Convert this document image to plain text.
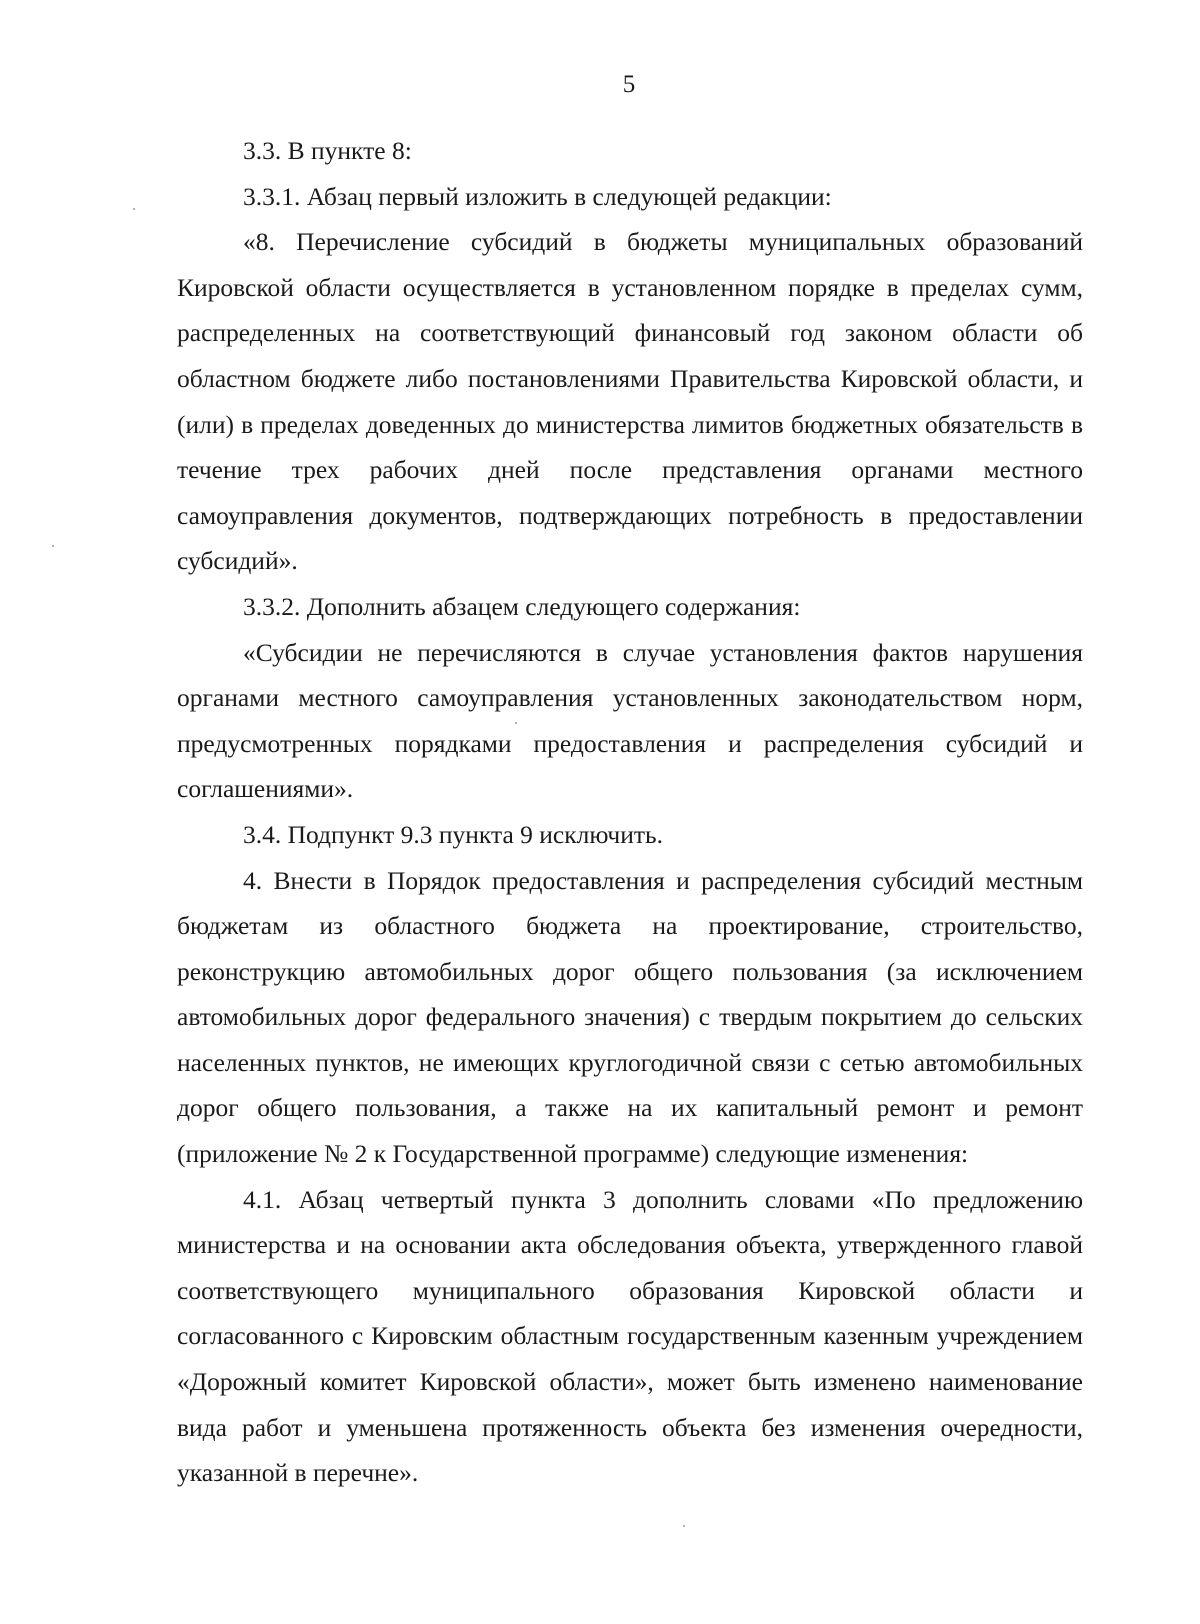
5

3.3. В пункте 8:

3.3.1. Абзац первый изложить в следующей редакции:

«8. Перечисление субсидий в бюджеты муниципальных образований Кировской области осуществляется в установленном порядке в пределах сумм, распределенных на соответствующий финансовый год законом области об областном бюджете либо постановлениями Правительства Кировской области, и (или) в пределах доведенных до министерства лимитов бюджетных обязательств в течение трех рабочих дней после представления органами местного самоуправления документов, подтверждающих потребность в предоставлении субсидий».

3.3.2. Дополнить абзацем следующего содержания:

«Субсидии не перечисляются в случае установления фактов нарушения органами местного самоуправления установленных законодательством норм, предусмотренных порядками предоставления и распределения субсидий и соглашениями».

3.4. Подпункт 9.3 пункта 9 исключить.

4. Внести в Порядок предоставления и распределения субсидий местным бюджетам из областного бюджета на проектирование, строительство, реконструкцию автомобильных дорог общего пользования (за исключением автомобильных дорог федерального значения) с твердым покрытием до сельских населенных пунктов, не имеющих круглогодичной связи с сетью автомобильных дорог общего пользования, а также на их капитальный ремонт и ремонт (приложение № 2 к Государственной программе) следующие изменения:

4.1. Абзац четвертый пункта 3 дополнить словами «По предложению министерства и на основании акта обследования объекта, утвержденного главой соответствующего муниципального образования Кировской области и согласованного с Кировским областным государственным казенным учреждением «Дорожный комитет Кировской области», может быть изменено наименование вида работ и уменьшена протяженность объекта без изменения очередности, указанной в перечне».
